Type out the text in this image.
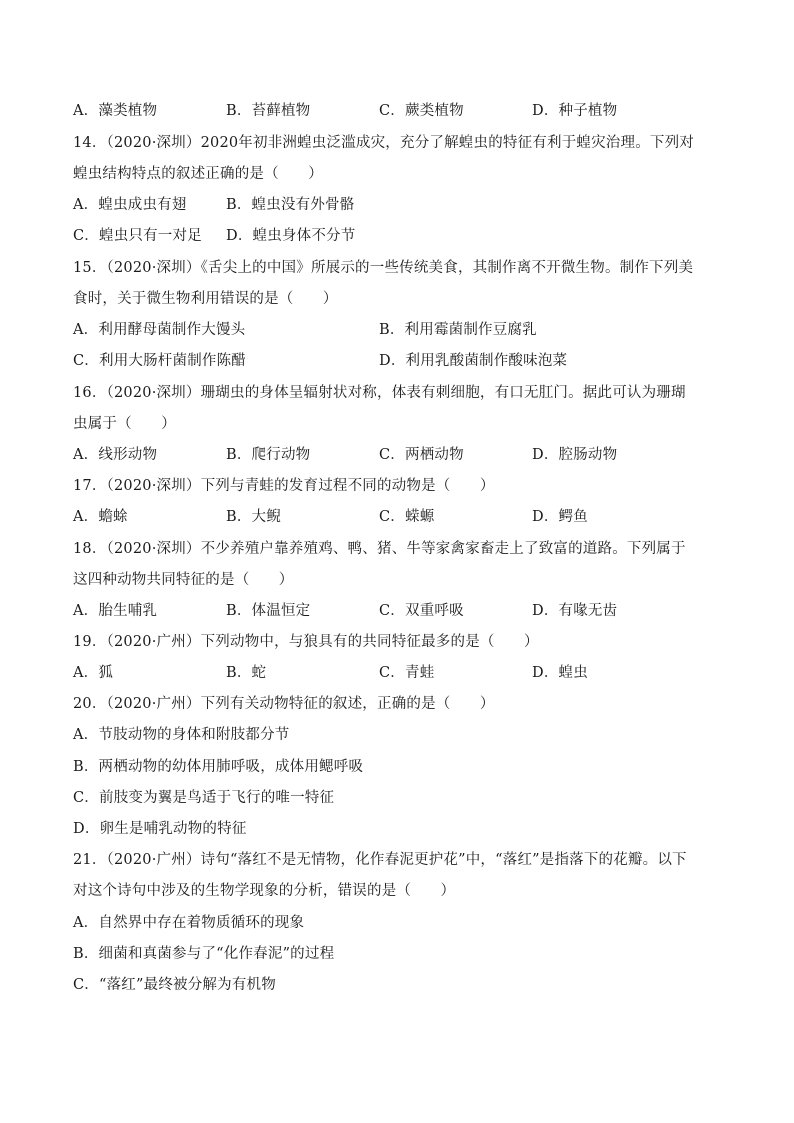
A．藻类植物	B．苔藓植物	C．蕨类植物	D．种子植物
14．（2020·深圳）2020年初非洲蝗虫泛滥成灾，充分了解蝗虫的特征有利于蝗灾治理。下列对
蝗虫结构特点的叙述正确的是（　　）
A．蝗虫成虫有翅	B．蝗虫没有外骨骼
C．蝗虫只有一对足 D．蝗虫身体不分节
15．（2020·深圳）《舌尖上的中国》所展示的一些传统美食，其制作离不开微生物。制作下列美
食时，关于微生物利用错误的是（　　）
A．利用酵母菌制作大馒头	B．利用霉菌制作豆腐乳
C．利用大肠杆菌制作陈醋	D．利用乳酸菌制作酸味泡菜
16．（2020·深圳）珊瑚虫的身体呈辐射状对称，体表有刺细胞，有口无肛门。据此可认为珊瑚
虫属于（　　）
A．线形动物	B．爬行动物	C．两栖动物	D．腔肠动物
17．（2020·深圳）下列与青蛙的发育过程不同的动物是（　　）
A．蟾蜍	B．大鲵	C．蝾螈	D．鳄鱼
18．（2020·深圳）不少养殖户靠养殖鸡、鸭、猪、牛等家禽家畜走上了致富的道路。下列属于
这四种动物共同特征的是（　　）
A．胎生哺乳	B．体温恒定	C．双重呼吸	D．有喙无齿
19．（2020·广州）下列动物中，与狼具有的共同特征最多的是（　　）
A．狐	B．蛇	C．青蛙	D．蝗虫
20．（2020·广州）下列有关动物特征的叙述，正确的是（　　）
A．节肢动物的身体和附肢都分节
B．两栖动物的幼体用肺呼吸，成体用鳃呼吸
C．前肢变为翼是鸟适于飞行的唯一特征
D．卵生是哺乳动物的特征
21．（2020·广州）诗句“落红不是无情物，化作春泥更护花”中，“落红”是指落下的花瓣。以下
对这个诗句中涉及的生物学现象的分析，错误的是（　　）
A．自然界中存在着物质循环的现象
B．细菌和真菌参与了“化作春泥”的过程
C．“落红”最终被分解为有机物
